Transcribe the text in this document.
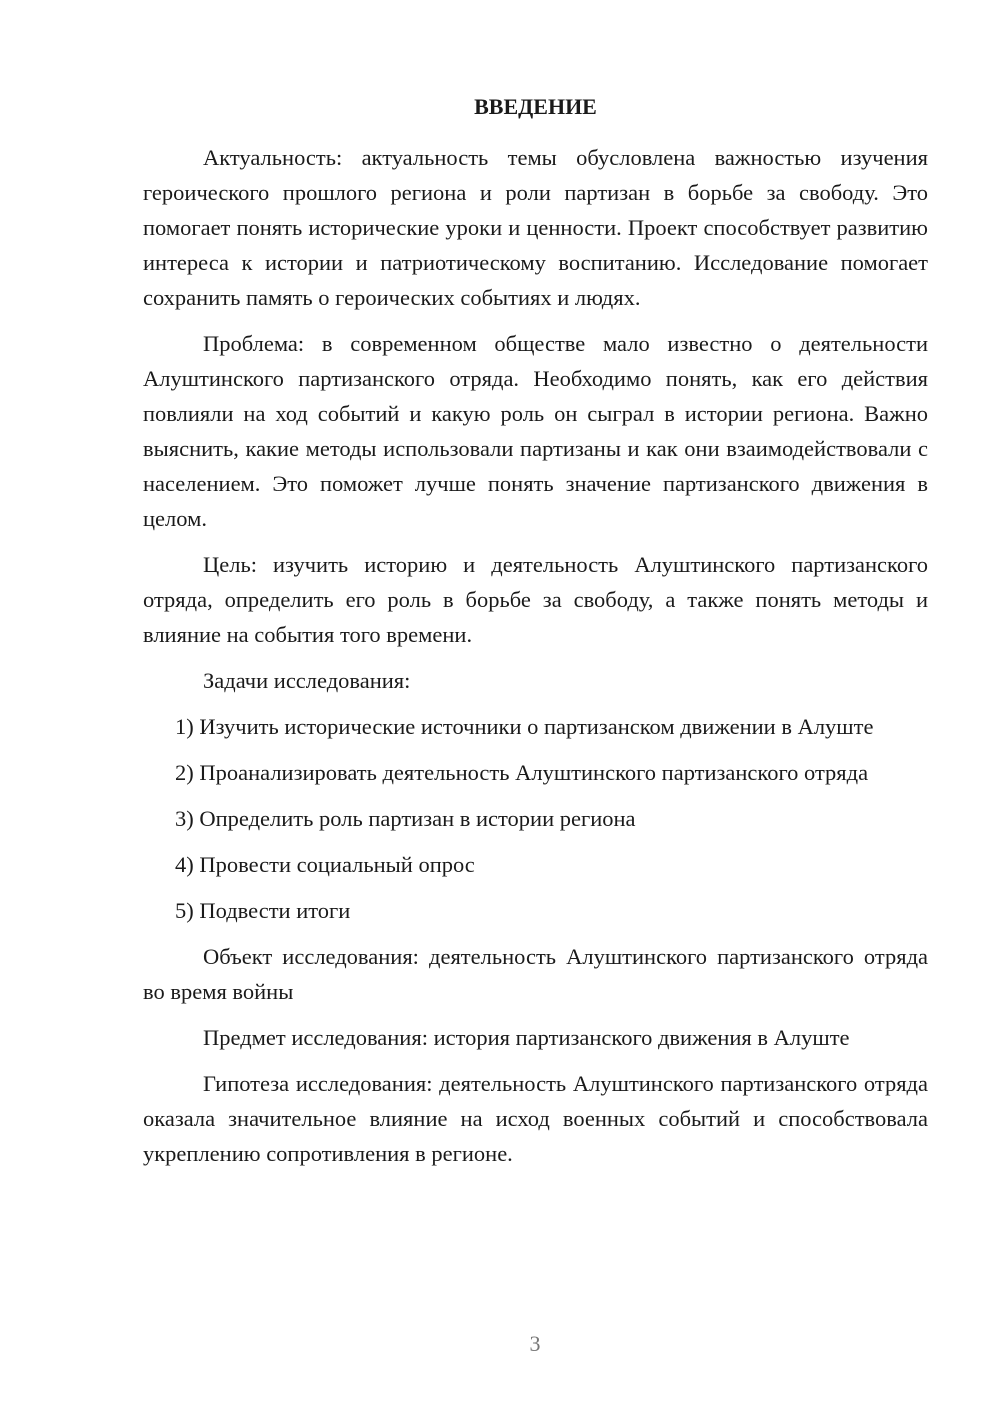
ВВЕДЕНИЕ

Актуальность: актуальность темы обусловлена важностью изучения героического прошлого региона и роли партизан в борьбе за свободу. Это помогает понять исторические уроки и ценности. Проект способствует развитию интереса к истории и патриотическому воспитанию. Исследование помогает сохранить память о героических событиях и людях.

Проблема: в современном обществе мало известно о деятельности Алуштинского партизанского отряда. Необходимо понять, как его действия повлияли на ход событий и какую роль он сыграл в истории региона. Важно выяснить, какие методы использовали партизаны и как они взаимодействовали с населением. Это поможет лучше понять значение партизанского движения в целом.

Цель: изучить историю и деятельность Алуштинского партизанского отряда, определить его роль в борьбе за свободу, а также понять методы и влияние на события того времени.

Задачи исследования:

1) Изучить исторические источники о партизанском движении в Алуште

2) Проанализировать деятельность Алуштинского партизанского отряда

3) Определить роль партизан в истории региона

4) Провести социальный опрос

5) Подвести итоги

Объект исследования: деятельность Алуштинского партизанского отряда во время войны

Предмет исследования: история партизанского движения в Алуште

Гипотеза исследования: деятельность Алуштинского партизанского отряда оказала значительное влияние на исход военных событий и способствовала укреплению сопротивления в регионе.

3
